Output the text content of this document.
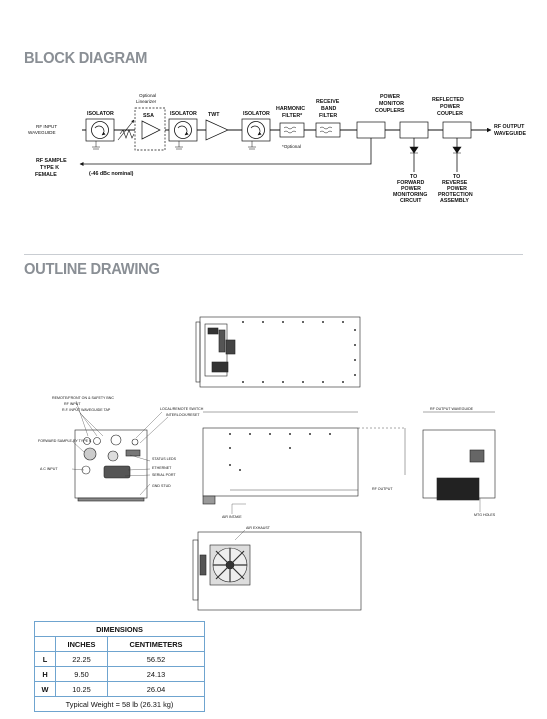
BLOCK DIAGRAM
OUTLINE DRAWING
RF INPUT
WAVEGUIDE
ISOLATOR
Optional
Linearizer
SSA	ISOLATOR TWT	ISOLATOR
HARMONIC
FILTER*
*Optional
RECEIVE
BAND
FILTER
POWER
MONITOR
COUPLERS
REFLECTED
POWER
COUPLER
RF OUTPUT
WAVEGUIDE
RF SAMPLE
TYPE K
FEMALE	(-46 dBc nominal)	TO
FORWARD
POWER
MONITORING
CIRCUIT
TO
REVERSE
POWER
PROTECTION
ASSEMBLY
REMOTE/FRONT ON & SAFETY BNC
RF INPUT
R.F. INPUT WAVEGUIDE TAP
FORWARD SAMPLE BY TYPE K
A C INPUT
LOCAL/REMOTE SWITCH
INTERLOCK/RESET
STATUS LEDS
ETHERNET
SERIAL PORT
GND STUD
AIR INTAKE
RF OUTPUT
RF OUTPUT WAVEGUIDE
MTG HOLES
AIR EXHAUST
DIMENSIONS		
	INCHES	CENTIMETERS
L	22.25	56.52
H	9.50	24.13
W	10.25	26.04
Typical Weight = 58 lb (26.31 kg)		
